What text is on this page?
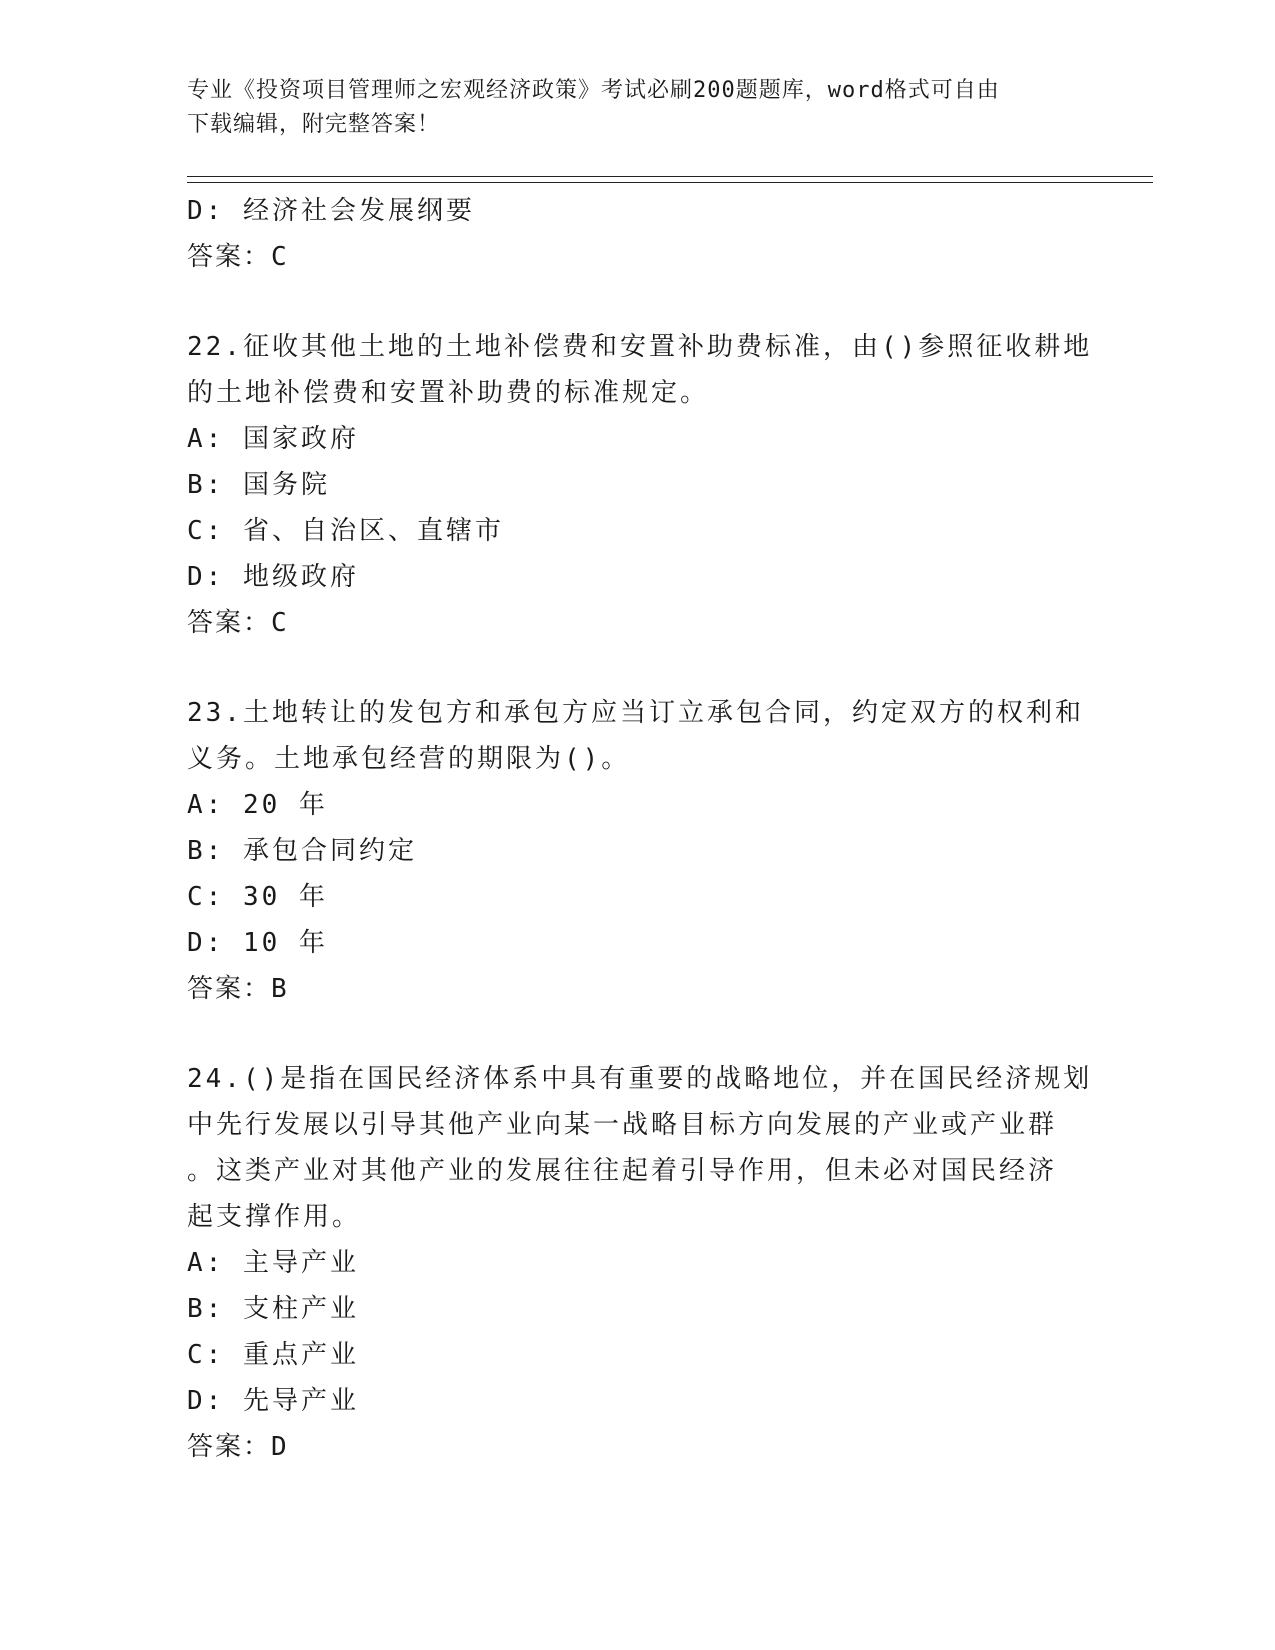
专业《投资项目管理师之宏观经济政策》考试必刷200题题库，word格式可自由
下载编辑，附完整答案！
D: 经济社会发展纲要
答案：C
22.征收其他土地的土地补偿费和安置补助费标准，由()参照征收耕地
的土地补偿费和安置补助费的标准规定。
A: 国家政府
B: 国务院
C: 省、自治区、直辖市
D: 地级政府
答案：C
23.土地转让的发包方和承包方应当订立承包合同，约定双方的权利和
义务。土地承包经营的期限为()。
A: 20 年
B: 承包合同约定
C: 30 年
D: 10 年
答案：B
24.()是指在国民经济体系中具有重要的战略地位，并在国民经济规划
中先行发展以引导其他产业向某一战略目标方向发展的产业或产业群
。这类产业对其他产业的发展往往起着引导作用，但未必对国民经济
起支撑作用。
A: 主导产业
B: 支柱产业
C: 重点产业
D: 先导产业
答案：D
